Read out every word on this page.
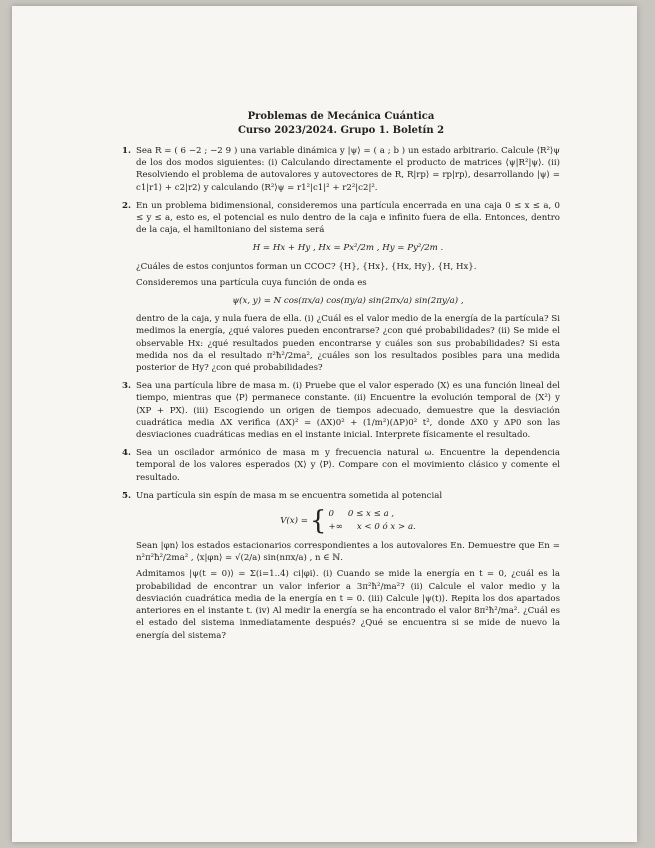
Problemas de Mecánica Cuántica
Curso 2023/2024. Grupo 1. Boletín 2
1. Sea R = ( 6 −2 ; −2 9 ) una variable dinámica y |ψ⟩ = ( a ; b ) un estado arbitrario. Calcule ⟨R²⟩ψ de los dos modos siguientes: (i) Calculando directamente el producto de matrices ⟨ψ|R²|ψ⟩. (ii) Resolviendo el problema de autovalores y autovectores de R, R|rp⟩ = rp|rp⟩, desarrollando |ψ⟩ = c1|r1⟩ + c2|r2⟩ y calculando ⟨R²⟩ψ = r1²|c1|² + r2²|c2|².

2. En un problema bidimensional, consideremos una partícula encerrada en una caja 0 ≤ x ≤ a, 0 ≤ y ≤ a, esto es, el potencial es nulo dentro de la caja e infinito fuera de ella. Entonces, dentro de la caja, el hamiltoniano del sistema será

H = Hx + Hy , Hx = Px²/2m , Hy = Py²/2m .

¿Cuáles de estos conjuntos forman un CCOC? {H}, {Hx}, {Hx, Hy}, {H, Hx}.

Consideremos una partícula cuya función de onda es

ψ(x, y) = N cos(πx/a) cos(πy/a) sin(2πx/a) sin(2πy/a) ,

dentro de la caja, y nula fuera de ella. (i) ¿Cuál es el valor medio de la energía de la partícula? Si medimos la energía, ¿qué valores pueden encontrarse? ¿con qué probabilidades? (ii) Se mide el observable Hx: ¿qué resultados pueden encontrarse y cuáles son sus probabilidades? Si esta medida nos da el resultado π²ħ²/2ma², ¿cuáles son los resultados posibles para una medida posterior de Hy? ¿con qué probabilidades?

3. Sea una partícula libre de masa m. (i) Pruebe que el valor esperado ⟨X⟩ es una función lineal del tiempo, mientras que ⟨P⟩ permanece constante. (ii) Encuentre la evolución temporal de ⟨X²⟩ y ⟨XP + PX⟩. (iii) Escogiendo un origen de tiempos adecuado, demuestre que la desviación cuadrática media ΔX verifica (ΔX)² = (ΔX)0² + (1/m²)(ΔP)0² t², donde ΔX0 y ΔP0 son las desviaciones cuadráticas medias en el instante inicial. Interprete físicamente el resultado.

4. Sea un oscilador armónico de masa m y frecuencia natural ω. Encuentre la dependencia temporal de los valores esperados ⟨X⟩ y ⟨P⟩. Compare con el movimiento clásico y comente el resultado.

5. Una partícula sin espín de masa m se encuentra sometida al potencial

V(x) = { 0 0 ≤ x ≤ a ,
+∞ x < 0 ó x > a.

Sean |φn⟩ los estados estacionarios correspondientes a los autovalores En. Demuestre que En = n²π²ħ²/2ma² , ⟨x|φn⟩ = √(2/a) sin(nπx/a) , n ∈ ℕ.

Admitamos |ψ(t = 0)⟩ = Σ(i=1..4) ci|φi⟩. (i) Cuando se mide la energía en t = 0, ¿cuál es la probabilidad de encontrar un valor inferior a 3π²ħ²/ma²? (ii) Calcule el valor medio y la desviación cuadrática media de la energía en t = 0. (iii) Calcule |ψ(t)⟩. Repita los dos apartados anteriores en el instante t. (iv) Al medir la energía se ha encontrado el valor 8π²ħ²/ma². ¿Cuál es el estado del sistema inmediatamente después? ¿Qué se encuentra si se mide de nuevo la energía del sistema?
